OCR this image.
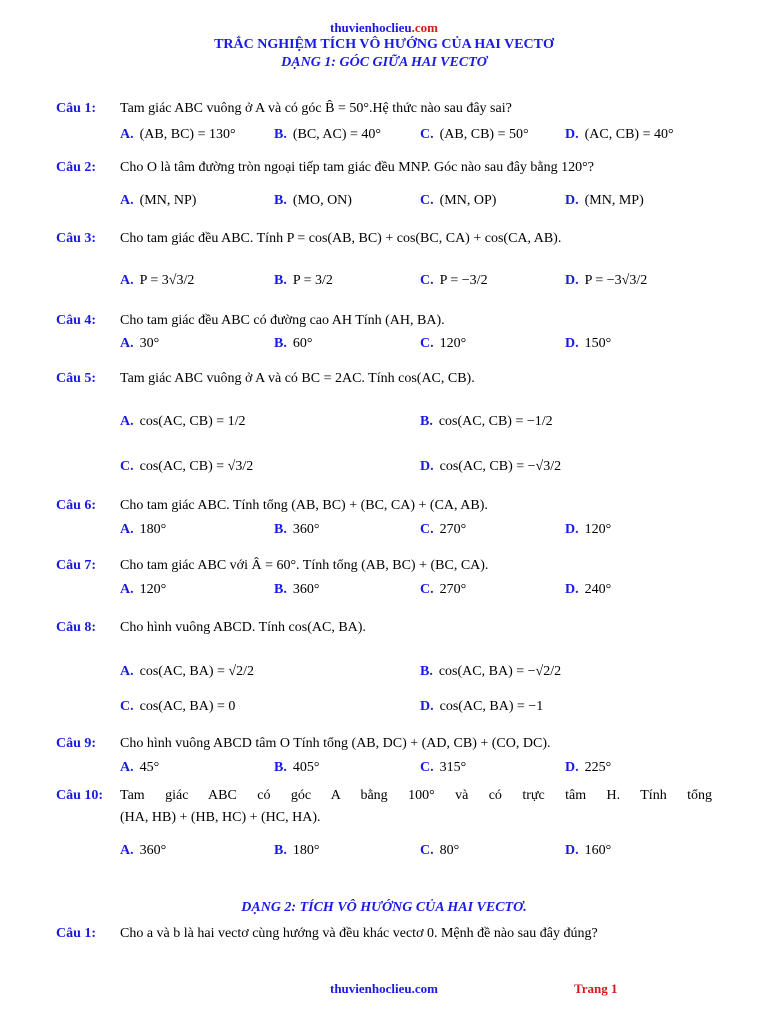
thuvienhoclieu.com
TRẮC NGHIỆM TÍCH VÔ HƯỚNG CỦA HAI VECTƠ
DẠNG 1: GÓC GIỮA HAI VECTƠ
Câu 1: Tam giác ABC vuông ở A và có góc B̂ = 50°.Hệ thức nào sau đây sai?
A. (AB, BC) = 130°	B. (BC, AC) = 40°	C. (AB, CB) = 50°	D. (AC, CB) = 40°
Câu 2: Cho O là tâm đường tròn ngoại tiếp tam giác đều MNP. Góc nào sau đây bằng 120°?
A. (MN, NP)	B. (MO, ON)	C. (MN, OP)	D. (MN, MP)
Câu 3: Cho tam giác đều ABC. Tính P = cos(AB, BC) + cos(BC, CA) + cos(CA, AB).
A. P = 3√3/2	B. P = 3/2	C. P = −3/2	D. P = −3√3/2
Câu 4: Cho tam giác đều ABC có đường cao AH Tính (AH, BA).
A. 30°	B. 60°	C. 120°	D. 150°
Câu 5: Tam giác ABC vuông ở A và có BC = 2AC. Tính cos(AC, CB).
A. cos(AC, CB) = 1/2	B. cos(AC, CB) = −1/2
C. cos(AC, CB) = √3/2	D. cos(AC, CB) = −√3/2
Câu 6: Cho tam giác ABC. Tính tổng (AB, BC) + (BC, CA) + (CA, AB).
A. 180°	B. 360°	C. 270°	D. 120°
Câu 7: Cho tam giác ABC với Â = 60°. Tính tổng (AB, BC) + (BC, CA).
A. 120°	B. 360°	C. 270°	D. 240°
Câu 8: Cho hình vuông ABCD. Tính cos(AC, BA).
A. cos(AC, BA) = √2/2	B. cos(AC, BA) = −√2/2
C. cos(AC, BA) = 0	D. cos(AC, BA) = −1
Câu 9: Cho hình vuông ABCD tâm O Tính tổng (AB, DC) + (AD, CB) + (CO, DC).
A. 45°	B. 405°	C. 315°	D. 225°
Câu 10: Tam giác ABC có góc A bằng 100° và có trực tâm H. Tính tổng
(HA, HB) + (HB, HC) + (HC, HA).
A. 360°	B. 180°	C. 80°	D. 160°
DẠNG 2: TÍCH VÔ HƯỚNG CỦA HAI VECTƠ.
Câu 1: Cho a và b là hai vectơ cùng hướng và đều khác vectơ 0. Mệnh đề nào sau đây đúng?
thuvienhoclieu.com	Trang 1
